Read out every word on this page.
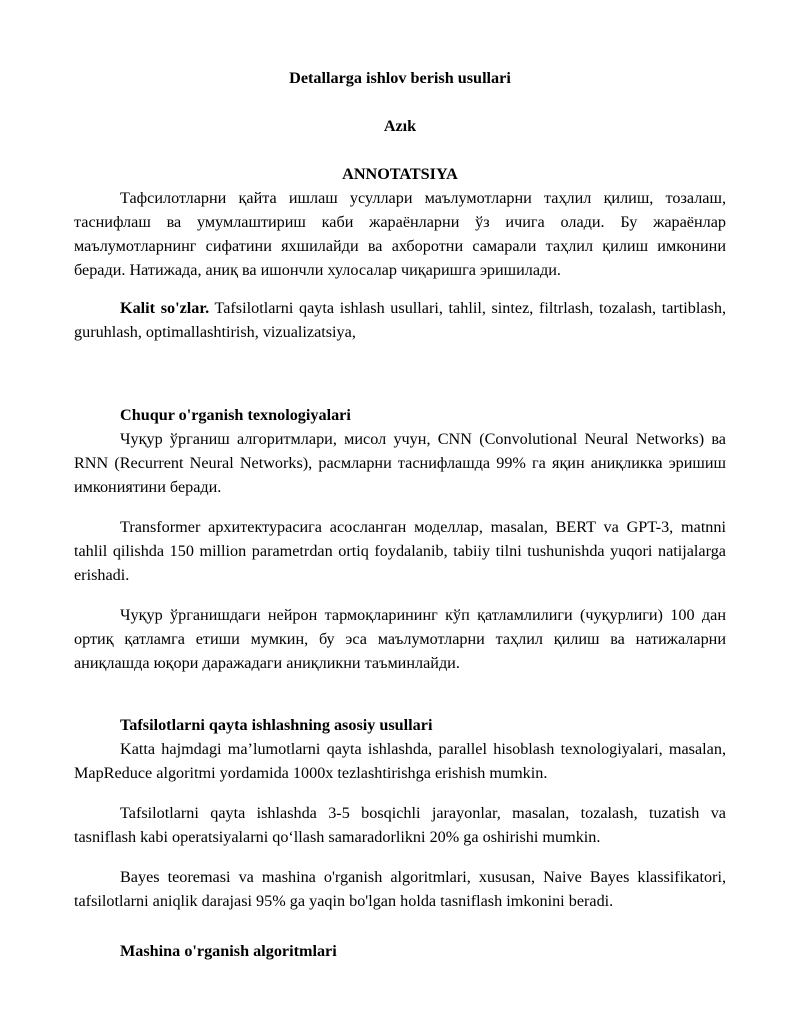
Detallarga ishlov berish usullari
Azık
ANNOTATSIYA

Тафсилотларни қайта ишлаш усуллари маълумотларни таҳлил қилиш, тозалаш, таснифлаш ва умумлаштириш каби жараёнларни ўз ичига олади. Бу жараёнлар маълумотларнинг сифатини яхшилайди ва ахборотни самарали таҳлил қилиш имконини беради. Натижада, аниқ ва ишончли хулосалар чиқаришга эришилади.

Kalit so'zlar. Tafsilotlarni qayta ishlash usullari, tahlil, sintez, filtrlash, tozalash, tartiblash, guruhlash, optimallashtirish, vizualizatsiya,

Chuqur o'rganish texnologiyalari

Чуқур ўрганиш алгоритмлари, мисол учун, CNN (Convolutional Neural Networks) ва RNN (Recurrent Neural Networks), расмларни таснифлашда 99% га яқин аниқликка эришиш имкониятини беради.

Transformer архитектурасига асосланган моделлар, masalan, BERT va GPT-3, matnni tahlil qilishda 150 million parametrdan ortiq foydalanib, tabiiy tilni tushunishda yuqori natijalarga erishadi.

Чуқур ўрганишдаги нейрон тармоқларининг кўп қатламлилиги (чуқурлиги) 100 дан ортиқ қатламга етиши мумкин, бу эса маълумотларни таҳлил қилиш ва натижаларни аниқлашда юқори даражадаги аниқликни таъминлайди.

Tafsilotlarni qayta ishlashning asosiy usullari

Katta hajmdagi ma’lumotlarni qayta ishlashda, parallel hisoblash texnologiyalari, masalan, MapReduce algoritmi yordamida 1000x tezlashtirishga erishish mumkin.

Tafsilotlarni qayta ishlashda 3-5 bosqichli jarayonlar, masalan, tozalash, tuzatish va tasniflash kabi operatsiyalarni qo‘llash samaradorlikni 20% ga oshirishi mumkin.

Bayes teoremasi va mashina o'rganish algoritmlari, xususan, Naive Bayes klassifikatori, tafsilotlarni aniqlik darajasi 95% ga yaqin bo'lgan holda tasniflash imkonini beradi.

Mashina o'rganish algoritmlari
